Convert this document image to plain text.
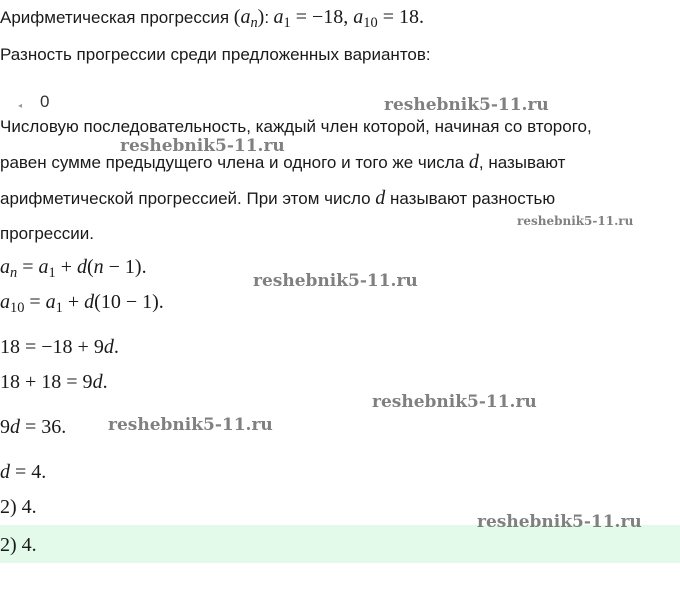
Арифметическая прогрессия $(a_n)$: $a_1 = -18$, $a_{10} = 18$.
Разность прогрессии среди предложенных вариантов:
◂ 0
Числовую последовательность, каждый член которой, начиная со второго,
равен сумме предыдущего члена и одного и того же числа d, называют
арифметической прогрессией. При этом число d называют разностью
прогрессии.
$a_n = a_1 + d(n - 1)$.
$a_{10} = a_1 + d(10 - 1)$.
18 = −18 + 9d.
18 + 18 = 9d.
9d = 36.
d = 4.
2) 4.
2) 4.
reshebnik5-11.ru
reshebnik5-11.ru
reshebnik5-11.ru
reshebnik5-11.ru
reshebnik5-11.ru
reshebnik5-11.ru
reshebnik5-11.ru
